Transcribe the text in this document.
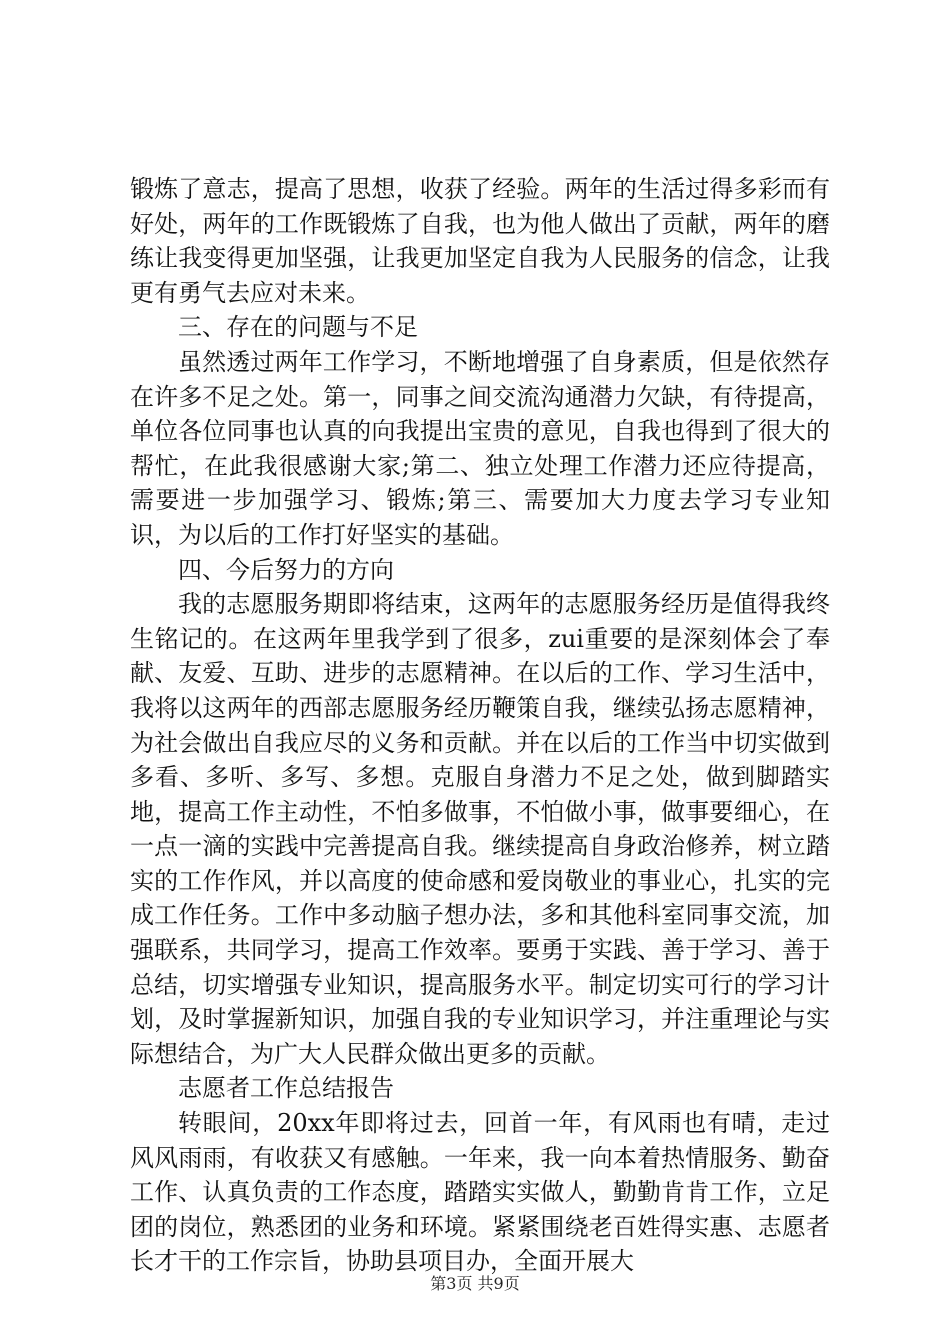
锻炼了意志，提高了思想，收获了经验。两年的生活过得多彩而有好处，两年的工作既锻炼了自我，也为他人做出了贡献，两年的磨练让我变得更加坚强，让我更加坚定自我为人民服务的信念，让我更有勇气去应对未来。

三、存在的问题与不足

虽然透过两年工作学习，不断地增强了自身素质，但是依然存在许多不足之处。第一，同事之间交流沟通潜力欠缺，有待提高，单位各位同事也认真的向我提出宝贵的意见，自我也得到了很大的帮忙，在此我很感谢大家;第二、独立处理工作潜力还应待提高，需要进一步加强学习、锻炼;第三、需要加大力度去学习专业知识，为以后的工作打好坚实的基础。

四、今后努力的方向

我的志愿服务期即将结束，这两年的志愿服务经历是值得我终生铭记的。在这两年里我学到了很多，zui重要的是深刻体会了奉献、友爱、互助、进步的志愿精神。在以后的工作、学习生活中，我将以这两年的西部志愿服务经历鞭策自我，继续弘扬志愿精神，为社会做出自我应尽的义务和贡献。并在以后的工作当中切实做到多看、多听、多写、多想。克服自身潜力不足之处，做到脚踏实地，提高工作主动性，不怕多做事，不怕做小事，做事要细心，在一点一滴的实践中完善提高自我。继续提高自身政治修养，树立踏实的工作作风，并以高度的使命感和爱岗敬业的事业心，扎实的完成工作任务。工作中多动脑子想办法，多和其他科室同事交流，加强联系，共同学习，提高工作效率。要勇于实践、善于学习、善于总结，切实增强专业知识，提高服务水平。制定切实可行的学习计划，及时掌握新知识，加强自我的专业知识学习，并注重理论与实际想结合，为广大人民群众做出更多的贡献。

志愿者工作总结报告

转眼间，20xx年即将过去，回首一年，有风雨也有晴，走过风风雨雨，有收获又有感触。一年来，我一向本着热情服务、勤奋工作、认真负责的工作态度，踏踏实实做人，勤勤肯肯工作，立足团的岗位，熟悉团的业务和环境。紧紧围绕老百姓得实惠、志愿者长才干的工作宗旨，协助县项目办，全面开展大

第3页 共9页
